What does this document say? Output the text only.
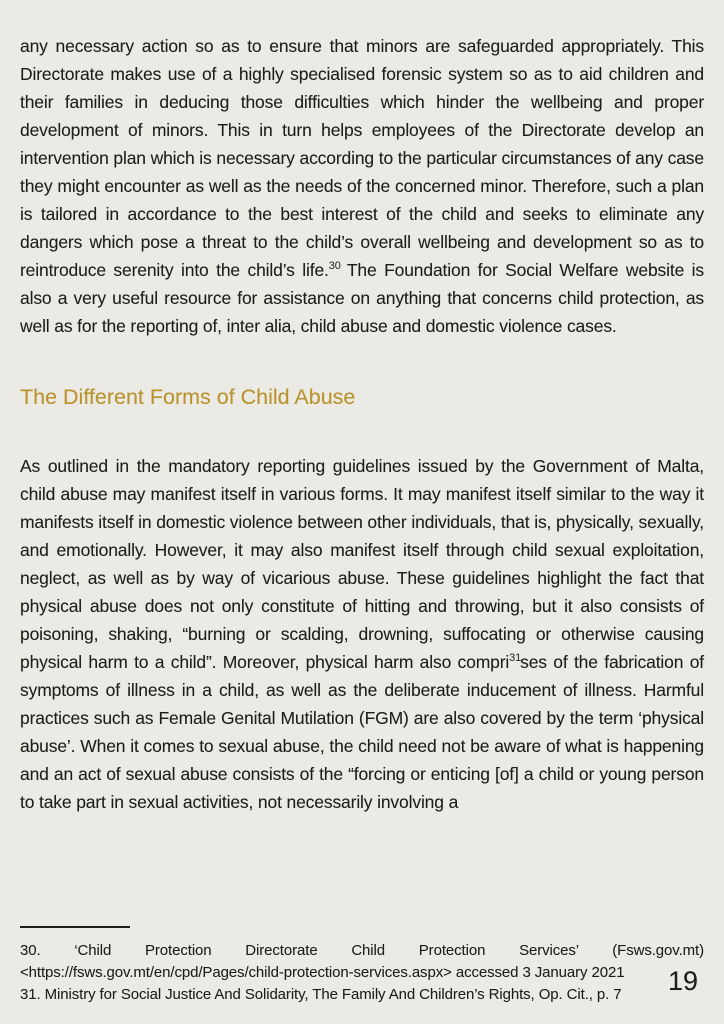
any necessary action so as to ensure that minors are safeguarded appropriately. This Directorate makes use of a highly specialised forensic system so as to aid children and their families in deducing those difficulties which hinder the wellbeing and proper development of minors. This in turn helps employees of the Directorate develop an intervention plan which is necessary according to the particular circumstances of any case they might encounter as well as the needs of the concerned minor. Therefore, such a plan is tailored in accordance to the best interest of the child and seeks to eliminate any dangers which pose a threat to the child’s overall wellbeing and development so as to reintroduce serenity into the child’s life.$^{30}$ The Foundation for Social Welfare website is also a very useful resource for assistance on anything that concerns child protection, as well as for the reporting of, inter alia, child abuse and domestic violence cases.

The Different Forms of Child Abuse

As outlined in the mandatory reporting guidelines issued by the Government of Malta, child abuse may manifest itself in various forms. It may manifest itself similar to the way it manifests itself in domestic violence between other individuals, that is, physically, sexually, and emotionally. However, it may also manifest itself through child sexual exploitation, neglect, as well as by way of vicarious abuse. These guidelines highlight the fact that physical abuse does not only constitute of hitting and throwing, but it also consists of poisoning, shaking, “burning or scalding, drowning, suffocating or otherwise causing physical harm to a child”. Moreover, physical harm also compri$^{31}$ses of the fabrication of symptoms of illness in a child, as well as the deliberate inducement of illness. Harmful practices such as Female Genital Mutilation (FGM) are also covered by the term ‘physical abuse’. When it comes to sexual abuse, the child need not be aware of what is happening and an act of sexual abuse consists of the “forcing or enticing [of] a child or young person to take part in sexual activities, not necessarily involving a

30. ‘Child Protection Directorate Child Protection Services’ (Fsws.gov.mt) <https://fsws.gov.mt/en/cpd/Pages/child-protection-services.aspx> accessed 3 January 2021

31. Ministry for Social Justice And Solidarity, The Family And Children’s Rights, Op. Cit., p. 7	19
